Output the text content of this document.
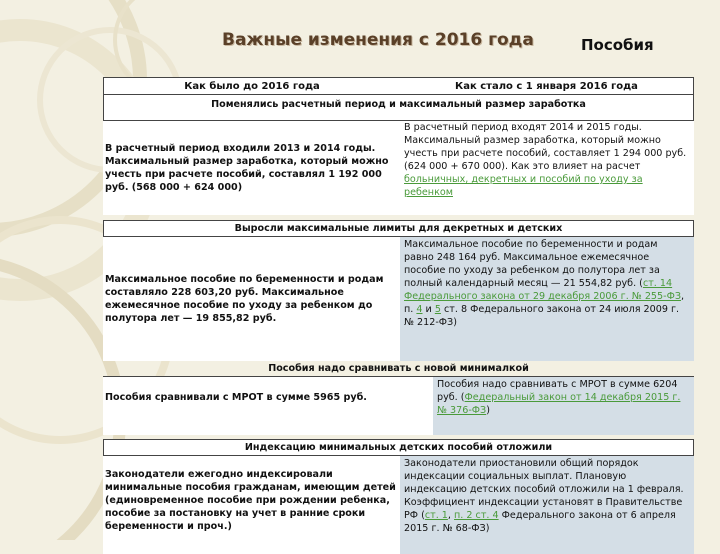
Важные изменения с 2016 года	Пособия
Как было до 2016 года	Как стало с 1 января 2016 года
Поменялись расчетный период и максимальный размер заработка
В расчетный период входили 2013 и 2014 годы. Максимальный размер заработка, который можно учесть при расчете пособий, составлял 1 192 000 руб. (568 000 + 624 000)
В расчетный период входят 2014 и 2015 годы. Максимальный размер заработка, который можно учесть при расчете пособий, составляет 1 294 000 руб. (624 000 + 670 000). Как это влияет на расчет больничных, декретных и пособий по уходу за ребенком
Выросли максимальные лимиты для декретных и детских
Максимальное пособие по беременности и родам составляло 228 603,20 руб. Максимальное ежемесячное пособие по уходу за ребенком до полутора лет — 19 855,82 руб.
Максимальное пособие по беременности и родам равно 248 164 руб. Максимальное ежемесячное пособие по уходу за ребенком до полутора лет за полный календарный месяц — 21 554,82 руб. (ст. 14 Федерального закона от 29 декабря 2006 г. № 255-ФЗ, п. 4 и 5 ст. 8 Федерального закона от 24 июля 2009 г. № 212-ФЗ)
Пособия надо сравнивать с новой минималкой
Пособия сравнивали с МРОТ в сумме 5965 руб.
Пособия надо сравнивать с МРОТ в сумме 6204 руб. (Федеральный закон от 14 декабря 2015 г. № 376-ФЗ)
Индексацию минимальных детских пособий отложили
Законодатели ежегодно индексировали минимальные пособия гражданам, имеющим детей (единовременное пособие при рождении ребенка, пособие за постановку на учет в ранние сроки беременности и проч.)
Законодатели приостановили общий порядок индексации социальных выплат. Плановую индексацию детских пособий отложили на 1 февраля. Коэффициент индексации установят в Правительстве РФ (ст. 1, п. 2 ст. 4 Федерального закона от 6 апреля 2015 г. № 68-ФЗ)
